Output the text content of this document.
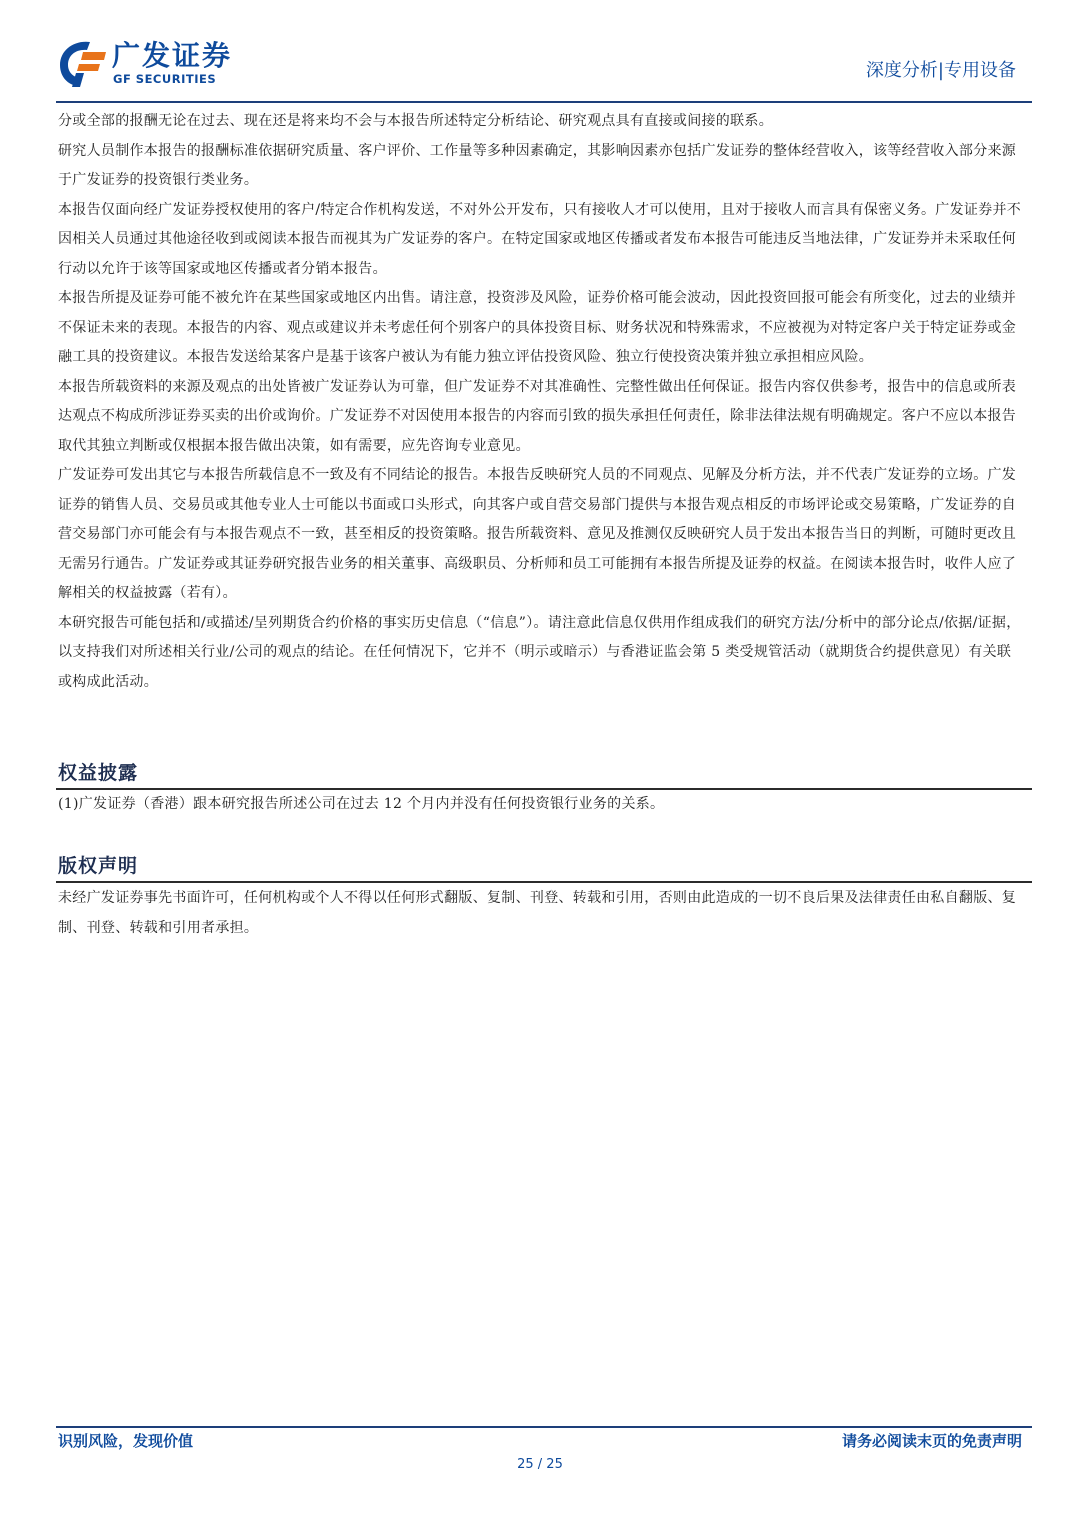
广发证券
GF SECURITIES	深度分析|专用设备

分或全部的报酬无论在过去、现在还是将来均不会与本报告所述特定分析结论、研究观点具有直接或间接的联系。

研究人员制作本报告的报酬标准依据研究质量、客户评价、工作量等多种因素确定，其影响因素亦包括广发证券的整体经营收入，该等经营收入部分来源于广发证券的投资银行类业务。

本报告仅面向经广发证券授权使用的客户/特定合作机构发送，不对外公开发布，只有接收人才可以使用，且对于接收人而言具有保密义务。广发证券并不因相关人员通过其他途径收到或阅读本报告而视其为广发证券的客户。在特定国家或地区传播或者发布本报告可能违反当地法律，广发证券并未采取任何行动以允许于该等国家或地区传播或者分销本报告。

本报告所提及证券可能不被允许在某些国家或地区内出售。请注意，投资涉及风险，证券价格可能会波动，因此投资回报可能会有所变化，过去的业绩并不保证未来的表现。本报告的内容、观点或建议并未考虑任何个别客户的具体投资目标、财务状况和特殊需求，不应被视为对特定客户关于特定证券或金融工具的投资建议。本报告发送给某客户是基于该客户被认为有能力独立评估投资风险、独立行使投资决策并独立承担相应风险。

本报告所载资料的来源及观点的出处皆被广发证券认为可靠，但广发证券不对其准确性、完整性做出任何保证。报告内容仅供参考，报告中的信息或所表达观点不构成所涉证券买卖的出价或询价。广发证券不对因使用本报告的内容而引致的损失承担任何责任，除非法律法规有明确规定。客户不应以本报告取代其独立判断或仅根据本报告做出决策，如有需要，应先咨询专业意见。

广发证券可发出其它与本报告所载信息不一致及有不同结论的报告。本报告反映研究人员的不同观点、见解及分析方法，并不代表广发证券的立场。广发证券的销售人员、交易员或其他专业人士可能以书面或口头形式，向其客户或自营交易部门提供与本报告观点相反的市场评论或交易策略，广发证券的自营交易部门亦可能会有与本报告观点不一致，甚至相反的投资策略。报告所载资料、意见及推测仅反映研究人员于发出本报告当日的判断，可随时更改且无需另行通告。广发证券或其证券研究报告业务的相关董事、高级职员、分析师和员工可能拥有本报告所提及证券的权益。在阅读本报告时，收件人应了解相关的权益披露（若有）。

本研究报告可能包括和/或描述/呈列期货合约价格的事实历史信息（“信息”）。请注意此信息仅供用作组成我们的研究方法/分析中的部分论点/依据/证据，以支持我们对所述相关行业/公司的观点的结论。在任何情况下，它并不（明示或暗示）与香港证监会第 5 类受规管活动（就期货合约提供意见）有关联或构成此活动。

权益披露

(1)广发证券（香港）跟本研究报告所述公司在过去 12 个月内并没有任何投资银行业务的关系。

版权声明

未经广发证券事先书面许可，任何机构或个人不得以任何形式翻版、复制、刊登、转载和引用，否则由此造成的一切不良后果及法律责任由私自翻版、复制、刊登、转载和引用者承担。

识别风险，发现价值	请务必阅读末页的免责声明
25 / 25
